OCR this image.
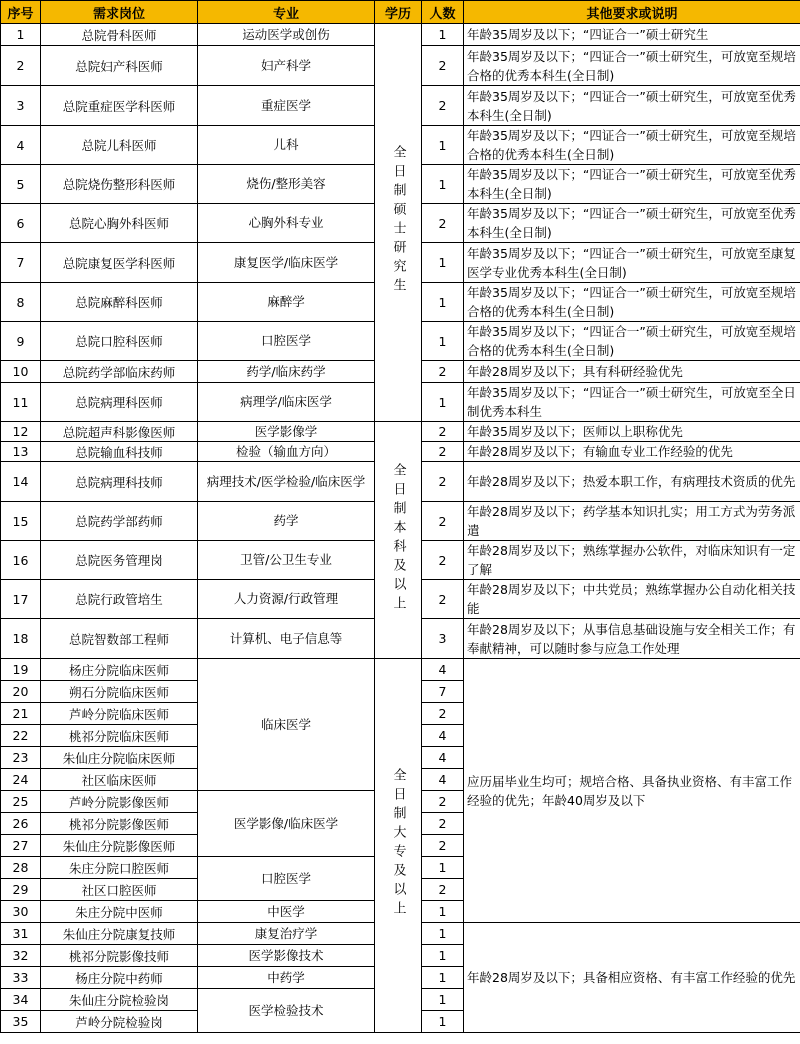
序号	需求岗位	专业	学历	人数	其他要求或说明
1	总院骨科医师	运动医学或创伤	全日制硕士研究生	1	年龄35周岁及以下；“四证合一”硕士研究生
2	总院妇产科医师	妇产科学		2	年龄35周岁及以下；“四证合一”硕士研究生，可放宽至规培合格的优秀本科生(全日制)
3	总院重症医学科医师	重症医学		2	年龄35周岁及以下；“四证合一”硕士研究生，可放宽至优秀本科生(全日制)
4	总院儿科医师	儿科		1	年龄35周岁及以下；“四证合一”硕士研究生，可放宽至规培合格的优秀本科生(全日制)
5	总院烧伤整形科医师	烧伤/整形美容		1	年龄35周岁及以下；“四证合一”硕士研究生，可放宽至优秀本科生(全日制)
6	总院心胸外科医师	心胸外科专业		2	年龄35周岁及以下；“四证合一”硕士研究生，可放宽至优秀本科生(全日制)
7	总院康复医学科医师	康复医学/临床医学		1	年龄35周岁及以下；“四证合一”硕士研究生，可放宽至康复医学专业优秀本科生(全日制)
8	总院麻醉科医师	麻醉学		1	年龄35周岁及以下；“四证合一”硕士研究生，可放宽至规培合格的优秀本科生(全日制)
9	总院口腔科医师	口腔医学		1	年龄35周岁及以下；“四证合一”硕士研究生，可放宽至规培合格的优秀本科生(全日制)
10	总院药学部临床药师	药学/临床药学		2	年龄28周岁及以下；具有科研经验优先
11	总院病理科医师	病理学/临床医学		1	年龄35周岁及以下；“四证合一”硕士研究生，可放宽至全日制优秀本科生
12	总院超声科影像医师	医学影像学	全日制本科及以上	2	年龄35周岁及以下；医师以上职称优先
13	总院输血科技师	检验（输血方向）		2	年龄28周岁及以下；有输血专业工作经验的优先
14	总院病理科技师	病理技术/医学检验/临床医学		2	年龄28周岁及以下；热爱本职工作，有病理技术资质的优先
15	总院药学部药师	药学		2	年龄28周岁及以下；药学基本知识扎实；用工方式为劳务派遣
16	总院医务管理岗	卫管/公卫生专业		2	年龄28周岁及以下；熟练掌握办公软件，对临床知识有一定了解
17	总院行政管培生	人力资源/行政管理		2	年龄28周岁及以下；中共党员；熟练掌握办公自动化相关技能
18	总院智数部工程师	计算机、电子信息等		3	年龄28周岁及以下；从事信息基础设施与安全相关工作；有奉献精神，可以随时参与应急工作处理
19	杨庄分院临床医师	临床医学	全日制大专及以上	4	应历届毕业生均可；规培合格、具备执业资格、有丰富工作经验的优先；年龄40周岁及以下
20	朔石分院临床医师			7	
21	芦岭分院临床医师			2	
22	桃祁分院临床医师			4	
23	朱仙庄分院临床医师			4	
24	社区临床医师			4	
25	芦岭分院影像医师	医学影像/临床医学		2	
26	桃祁分院影像医师			2	
27	朱仙庄分院影像医师			2	
28	朱庄分院口腔医师	口腔医学		1	
29	社区口腔医师			2	
30	朱庄分院中医师	中医学		1	
31	朱仙庄分院康复技师	康复治疗学		1	年龄28周岁及以下；具备相应资格、有丰富工作经验的优先
32	桃祁分院影像技师	医学影像技术		1	
33	杨庄分院中药师	中药学		1	
34	朱仙庄分院检验岗	医学检验技术		1	
35	芦岭分院检验岗			1	
